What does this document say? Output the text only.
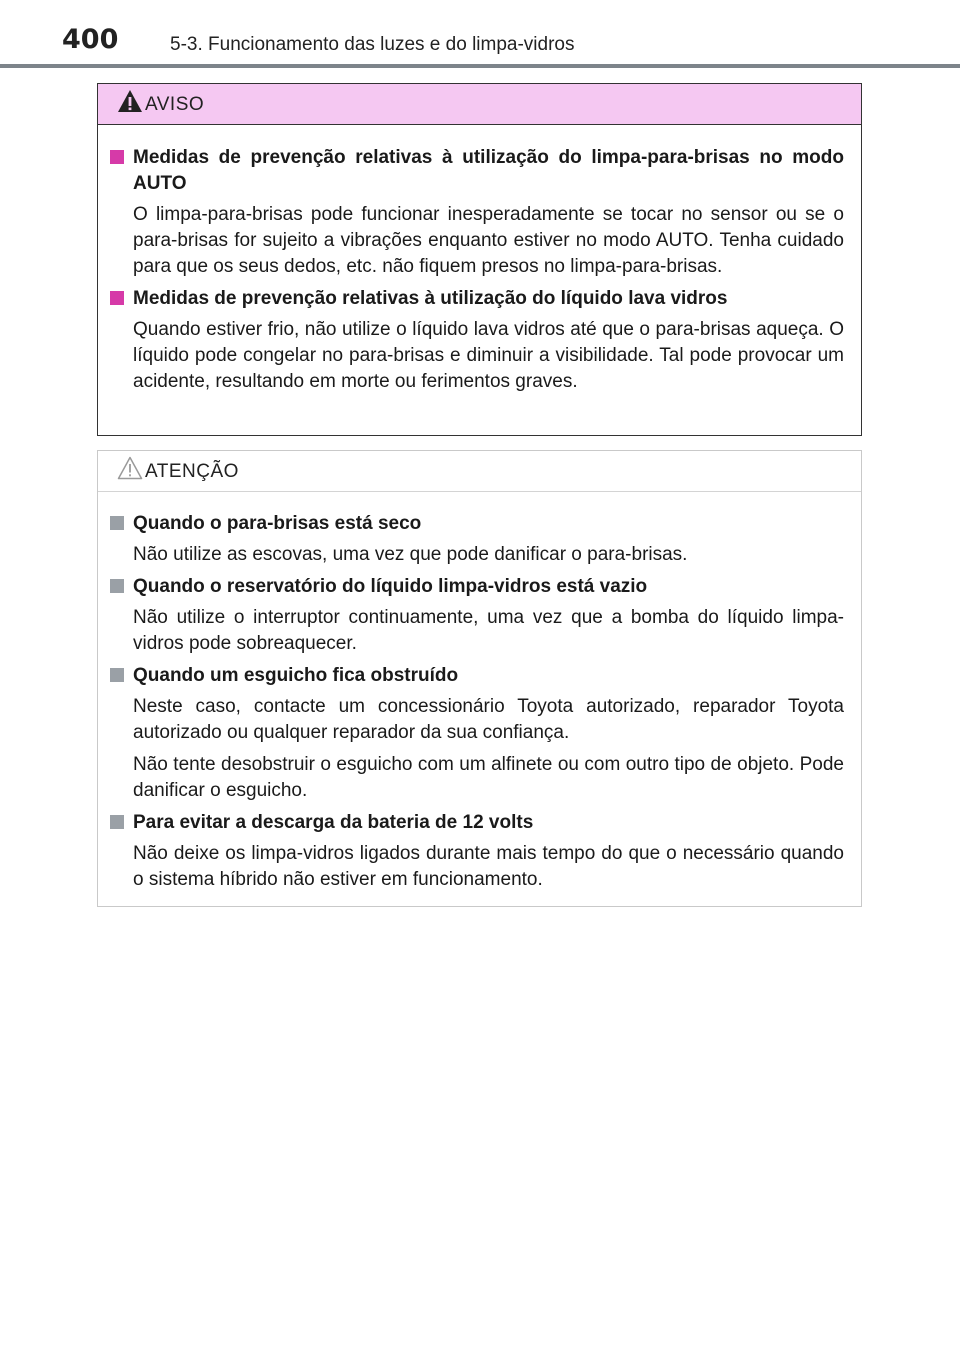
400	5-3. Funcionamento das luzes e do limpa-vidros
AVISO
Medidas de prevenção relativas à utilização do limpa-para-brisas no modo AUTO
O limpa-para-brisas pode funcionar inesperadamente se tocar no sensor ou se o para-brisas for sujeito a vibrações enquanto estiver no modo AUTO. Tenha cuidado para que os seus dedos, etc. não fiquem presos no limpa-para-brisas.
Medidas de prevenção relativas à utilização do líquido lava vidros
Quando estiver frio, não utilize o líquido lava vidros até que o para-brisas aqueça. O líquido pode congelar no para-brisas e diminuir a visibilidade. Tal pode provocar um acidente, resultando em morte ou ferimentos graves.
ATENÇÃO
Quando o para-brisas está seco
Não utilize as escovas, uma vez que pode danificar o para-brisas.
Quando o reservatório do líquido limpa-vidros está vazio
Não utilize o interruptor continuamente, uma vez que a bomba do líquido limpa-vidros pode sobreaquecer.
Quando um esguicho fica obstruído
Neste caso, contacte um concessionário Toyota autorizado, reparador Toyota autorizado ou qualquer reparador da sua confiança.
Não tente desobstruir o esguicho com um alfinete ou com outro tipo de objeto. Pode danificar o esguicho.
Para evitar a descarga da bateria de 12 volts
Não deixe os limpa-vidros ligados durante mais tempo do que o necessário quando o sistema híbrido não estiver em funcionamento.
